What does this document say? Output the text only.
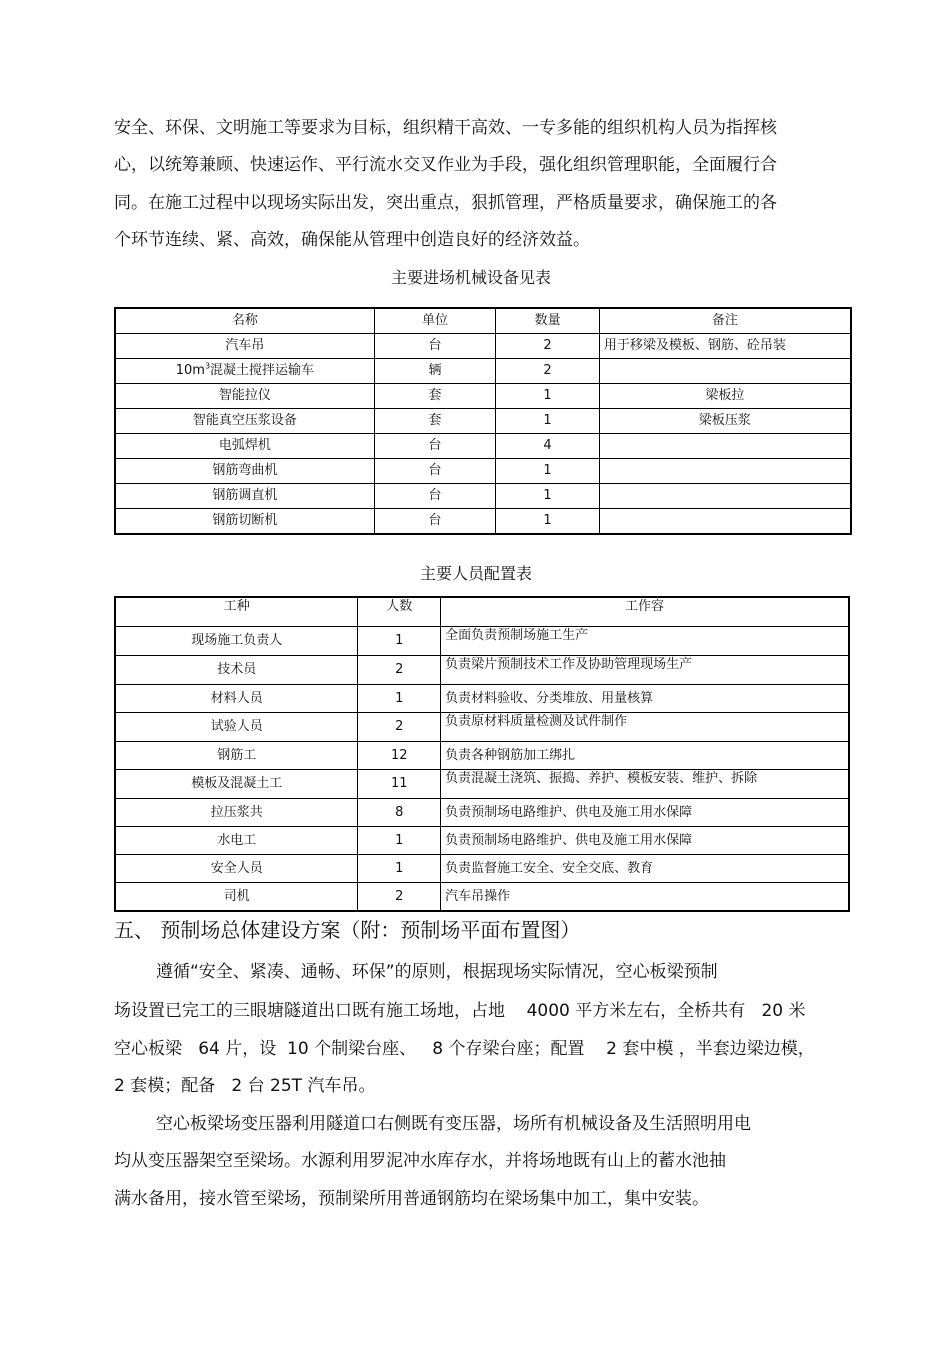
安全、环保、文明施工等要求为目标，组织精干高效、一专多能的组织机构人员为指挥核
心，以统筹兼顾、快速运作、平行流水交叉作业为手段，强化组织管理职能，全面履行合
同。在施工过程中以现场实际出发，突出重点，狠抓管理，严格质量要求，确保施工的各
个环节连续、紧、高效，确保能从管理中创造良好的经济效益。
主要进场机械设备见表
名称	单位	数量	备注
汽车吊	台	2	用于移梁及模板、钢筋、砼吊装
$10m^3$混凝土搅拌运输车	辆	2	
智能拉仪	套	1	梁板拉
智能真空压浆设备	套	1	梁板压浆
电弧焊机	台	4	
钢筋弯曲机	台	1	
钢筋调直机	台	1	
钢筋切断机	台	1	
主要人员配置表
工种	人数	工作容
现场施工负责人	1	全面负责预制场施工生产
技术员	2	负责梁片预制技术工作及协助管理现场生产
材料人员	1	负责材料验收、分类堆放、用量核算
试验人员	2	负责原材料质量检测及试件制作
钢筋工	12	负责各种钢筋加工绑扎
模板及混凝土工	11	负责混凝土浇筑、振捣、养护、模板安装、维护、拆除
拉压浆共	8	负责预制场电路维护、供电及施工用水保障
水电工	1	负责预制场电路维护、供电及施工用水保障
安全人员	1	负责监督施工安全、安全交底、教育
司机	2	汽车吊操作
五、 预制场总体建设方案（附：预制场平面布置图）
遵循“安全、紧凑、通畅、环保”的原则，根据现场实际情况，空心板梁预制
场设置已完工的三眼塘隧道出口既有施工场地，占地    4000 平方米左右，全桥共有   20 米
空心板梁   64 片，设  10 个制梁台座、   8 个存梁台座；配置    2 套中模 ，半套边梁边模，
2 套模；配备   2 台 25T 汽车吊。
空心板梁场变压器利用隧道口右侧既有变压器，场所有机械设备及生活照明用电
均从变压器架空至梁场。水源利用罗泥冲水库存水，并将场地既有山上的蓄水池抽
满水备用，接水管至梁场，预制梁所用普通钢筋均在梁场集中加工，集中安装。
